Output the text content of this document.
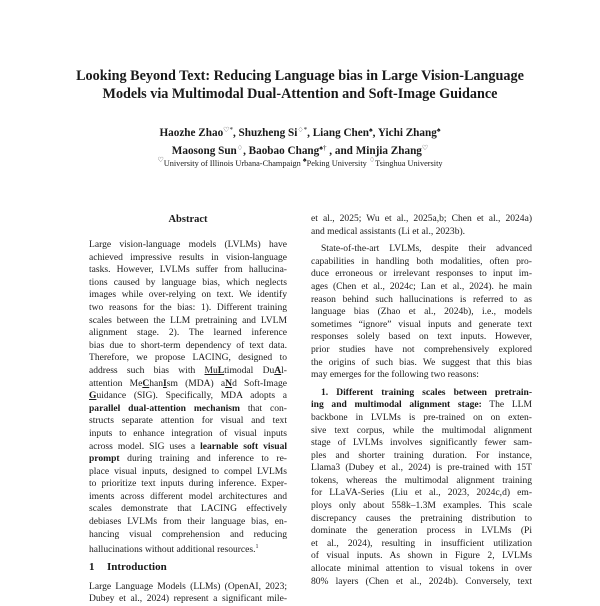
Looking Beyond Text: Reducing Language bias in Large Vision-Language
Models via Multimodal Dual-Attention and Soft-Image Guidance
Haozhe Zhao♡*, Shuzheng Si♢*, Liang Chen♠, Yichi Zhang♠
Maosong Sun♢, Baobao Chang♠† , and Minjia Zhang♡
♡University of Illinois Urbana-Champaign ♠Peking University ♢Tsinghua University
Abstract
Large vision-language models (LVLMs) have
achieved impressive results in vision-language
tasks. However, LVLMs suffer from hallucina-
tions caused by language bias, which neglects
images while over-relying on text. We identify
two reasons for the bias: 1). Different training
scales between the LLM pretraining and LVLM
alignment stage. 2). The learned inference
bias due to short-term dependency of text data.
Therefore, we propose LACING, designed to
address such bias with MuLtimodal DuAl-
attention MeChanIsm (MDA) aNd Soft-Image
Guidance (SIG). Specifically, MDA adopts a
parallel dual-attention mechanism that con-
structs separate attention for visual and text
inputs to enhance integration of visual inputs
across model. SIG uses a learnable soft visual
prompt during training and inference to re-
place visual inputs, designed to compel LVLMs
to prioritize text inputs during inference. Exper-
iments across different model architectures and
scales demonstrate that LACING effectively
debiases LVLMs from their language bias, en-
hancing visual comprehension and reducing
hallucinations without additional resources.$^1$
1 Introduction
Large Language Models (LLMs) (OpenAI, 2023;
Dubey et al., 2024) represent a significant mile-
et al., 2025; Wu et al., 2025a,b; Chen et al., 2024a)
and medical assistants (Li et al., 2023b).
State-of-the-art LVLMs, despite their advanced
capabilities in handling both modalities, often pro-
duce erroneous or irrelevant responses to input im-
ages (Chen et al., 2024c; Lan et al., 2024). he main
reason behind such hallucinations is referred to as
language bias (Zhao et al., 2024b), i.e., models
sometimes “ignore” visual inputs and generate text
responses solely based on text inputs. However,
prior studies have not comprehensively explored
the origins of such bias. We suggest that this bias
may emerges for the following two reasons:
1. Different training scales between pretrain-
ing and multimodal alignment stage: The LLM
backbone in LVLMs is pre-trained on on exten-
sive text corpus, while the multimodal alignment
stage of LVLMs involves significantly fewer sam-
ples and shorter training duration. For instance,
Llama3 (Dubey et al., 2024) is pre-trained with 15T
tokens, whereas the multimodal alignment training
for LLaVA-Series (Liu et al., 2023, 2024c,d) em-
ploys only about 558k–1.3M examples. This scale
discrepancy causes the pretraining distribution to
dominate the generation process in LVLMs (Pi
et al., 2024), resulting in insufficient utilization
of visual inputs. As shown in Figure 2, LVLMs
allocate minimal attention to visual tokens in over
80% layers (Chen et al., 2024b). Conversely, text
